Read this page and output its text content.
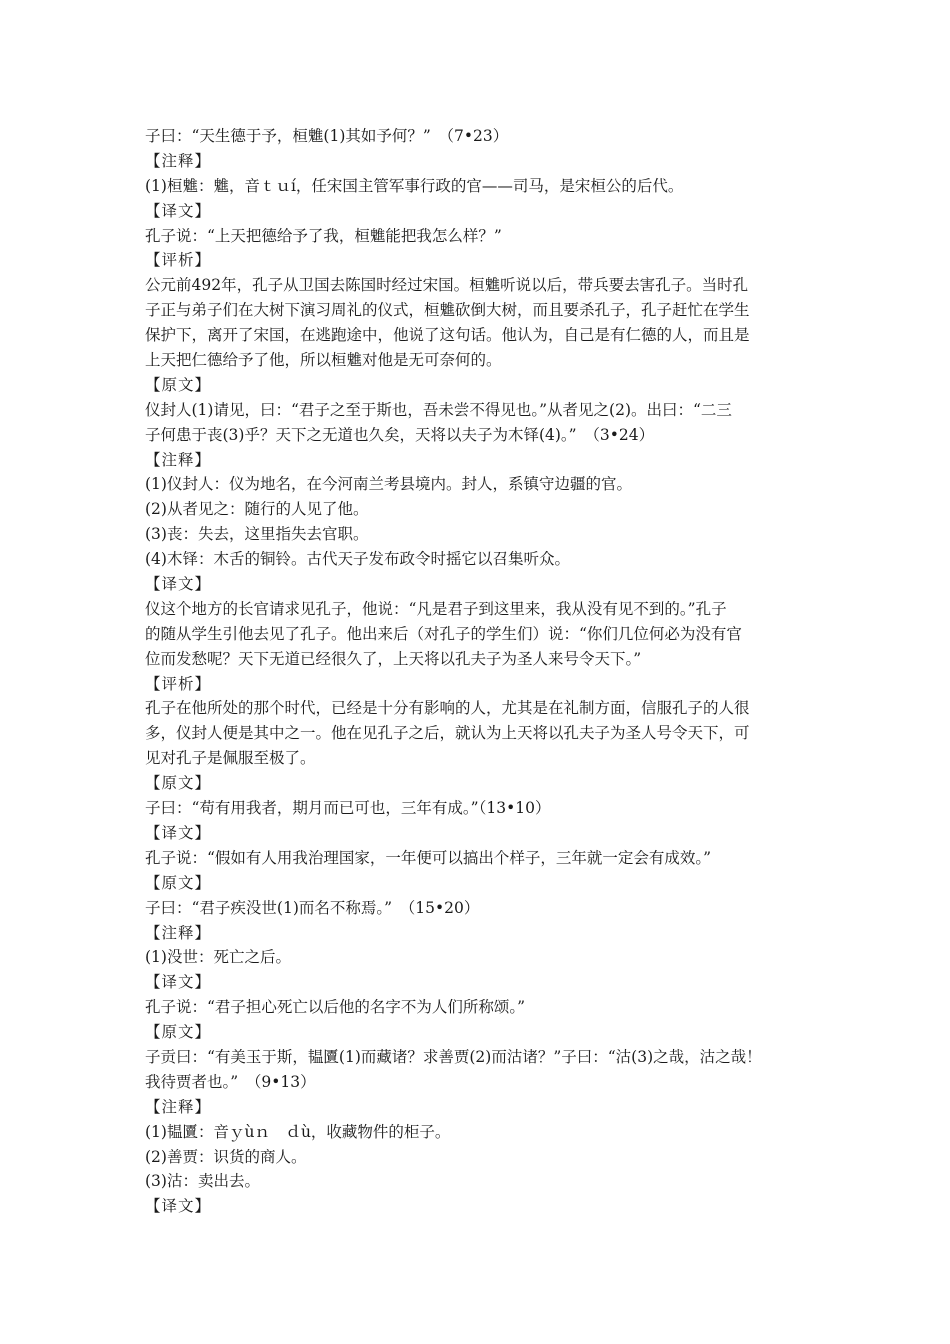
子曰：“天生德于予，桓魋(1)其如予何？”　（7•23）
【注释】
(1)桓魋：魋，音ｔｕí，任宋国主管军事行政的官——司马，是宋桓公的后代。
【译文】
孔子说：“上天把德给予了我，桓魋能把我怎么样？”
【评析】
公元前492年，孔子从卫国去陈国时经过宋国。桓魋听说以后，带兵要去害孔子。当时孔
子正与弟子们在大树下演习周礼的仪式，桓魋砍倒大树，而且要杀孔子，孔子赶忙在学生
保护下，离开了宋国，在逃跑途中，他说了这句话。他认为，自己是有仁德的人，而且是
上天把仁德给予了他，所以桓魋对他是无可奈何的。
【原文】
仪封人(1)请见，曰：“君子之至于斯也，吾未尝不得见也。”从者见之(2)。出曰：“二三
子何患于丧(3)乎？天下之无道也久矣，天将以夫子为木铎(4)。”　（3•24）
【注释】
(1)仪封人：仪为地名，在今河南兰考县境内。封人，系镇守边疆的官。
(2)从者见之：随行的人见了他。
(3)丧：失去，这里指失去官职。
(4)木铎：木舌的铜铃。古代天子发布政令时摇它以召集听众。
【译文】
仪这个地方的长官请求见孔子，他说：“凡是君子到这里来，我从没有见不到的。”孔子
的随从学生引他去见了孔子。他出来后（对孔子的学生们）说：“你们几位何必为没有官
位而发愁呢？天下无道已经很久了，上天将以孔夫子为圣人来号令天下。”
【评析】
孔子在他所处的那个时代，已经是十分有影响的人，尤其是在礼制方面，信服孔子的人很
多，仪封人便是其中之一。他在见孔子之后，就认为上天将以孔夫子为圣人号令天下，可
见对孔子是佩服至极了。
【原文】
子曰：“苟有用我者，期月而已可也，三年有成。”（13•10）
【译文】
孔子说：“假如有人用我治理国家，一年便可以搞出个样子，三年就一定会有成效。”
【原文】
子曰：“君子疾没世(1)而名不称焉。”　（15•20）
【注释】
(1)没世：死亡之后。
【译文】
孔子说：“君子担心死亡以后他的名字不为人们所称颂。”
【原文】
子贡曰：“有美玉于斯，韫匵(1)而藏诸？求善贾(2)而沽诸？”子曰：“沽(3)之哉，沽之哉！
我待贾者也。”　（9•13）
【注释】
(1)韫匵：音ｙùｎ　ｄù，收藏物件的柜子。
(2)善贾：识货的商人。
(3)沽：卖出去。
【译文】
